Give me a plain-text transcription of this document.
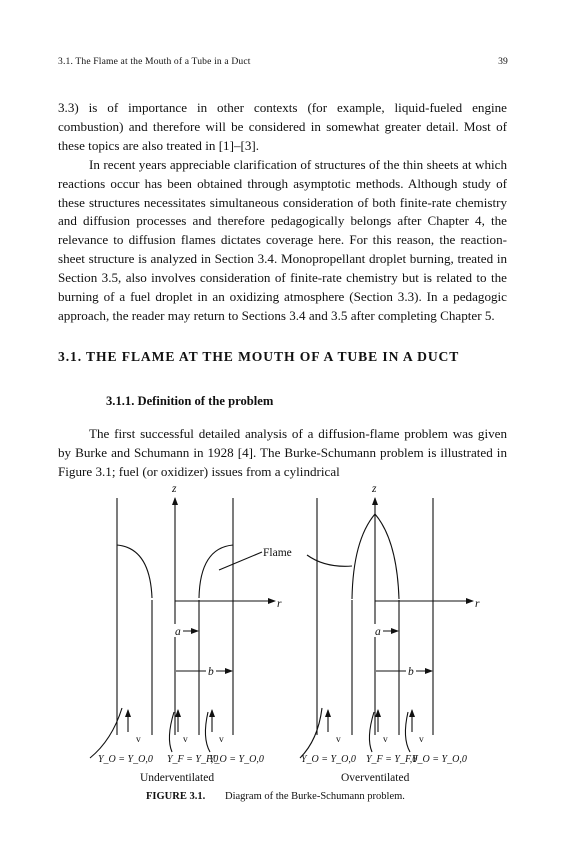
3.1. The Flame at the Mouth of a Tube in a Duct	39

3.3) is of importance in other contexts (for example, liquid-fueled engine combustion) and therefore will be considered in somewhat greater detail. Most of these topics are also treated in [1]–[3].

In recent years appreciable clarification of structures of the thin sheets at which reactions occur has been obtained through asymptotic methods. Although study of these structures necessitates simultaneous consideration of both finite-rate chemistry and diffusion processes and therefore pedagogically belongs after Chapter 4, the relevance to diffusion flames dictates coverage here. For this reason, the reaction-sheet structure is analyzed in Section 3.4. Monopropellant droplet burning, treated in Section 3.5, also involves consideration of finite-rate chemistry but is related to the burning of a fuel droplet in an oxidizing atmosphere (Section 3.3). In a pedagogic approach, the reader may return to Sections 3.4 and 3.5 after completing Chapter 5.

3.1. THE FLAME AT THE MOUTH OF A TUBE IN A DUCT
3.1.1. Definition of the problem

The first successful detailed analysis of a diffusion-flame problem was given by Burke and Schumann in 1928 [4]. The Burke-Schumann problem is illustrated in Figure 3.1; fuel (or oxidizer) issues from a cylindrical

z	z
r	r
Flame
a
b
a
b
v	v	v	v	v	v
Y_O = Y_O,0 Y_F = Y_F,0
Y_O = Y_O,0	Y_O = Y_O,0 Y_F = Y_F,0
Y_O = Y_O,0
Underventilated	Overventilated
FIGURE 3.1. Diagram of the Burke-Schumann problem.
